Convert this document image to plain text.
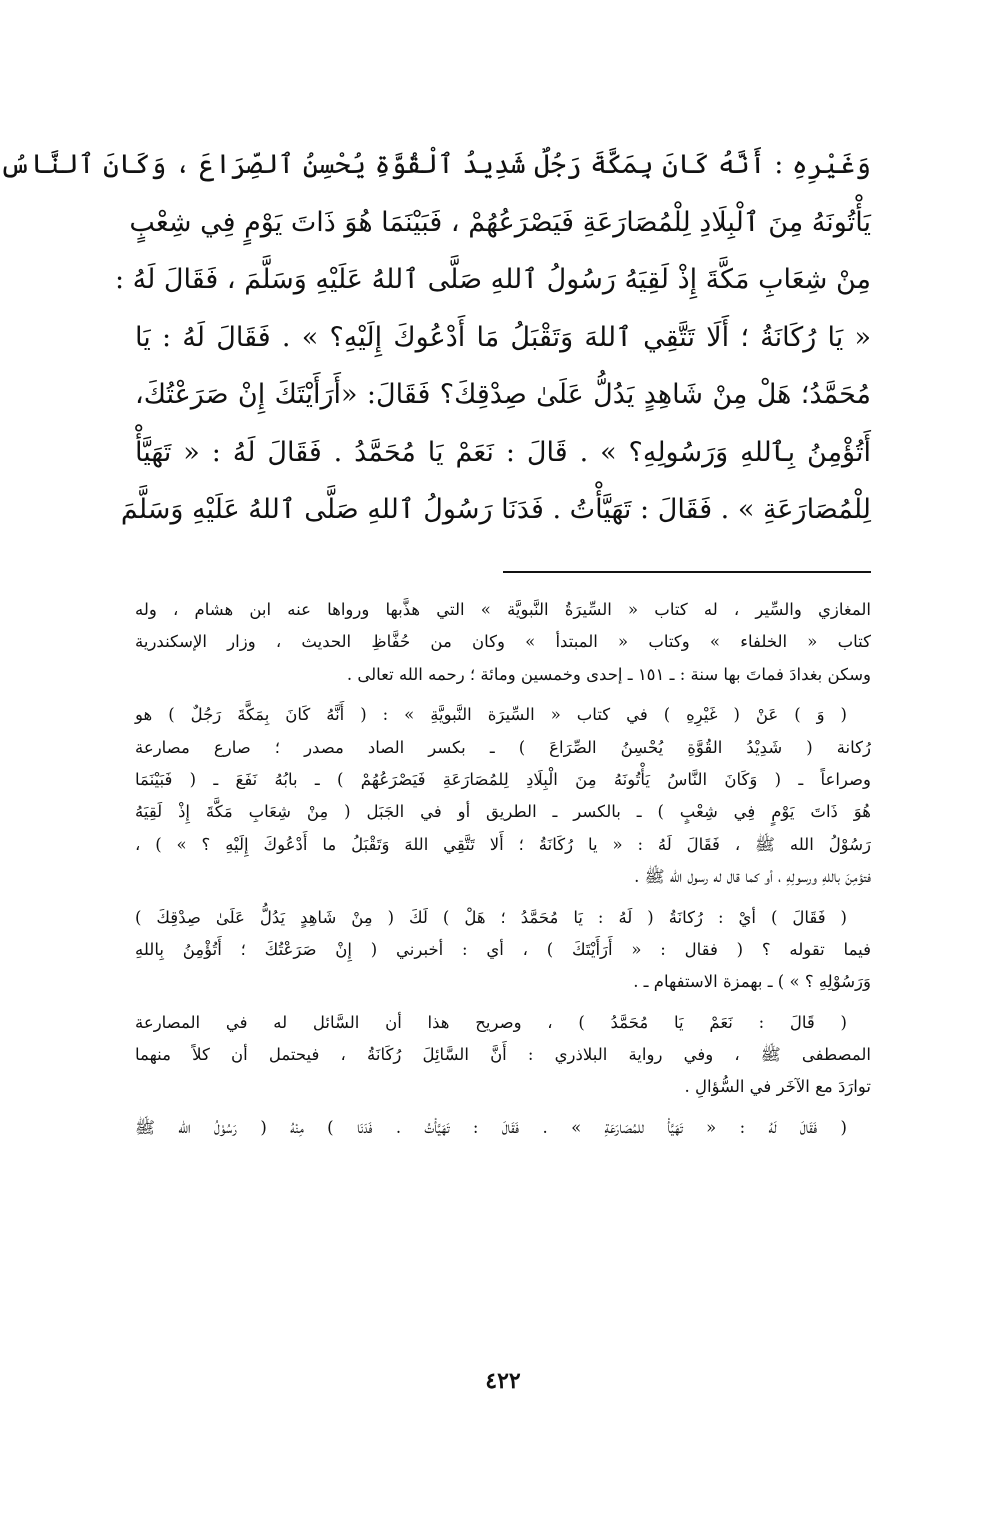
وَغَيْرِهِ : أَنَّهُ كَانَ بِمَكَّةَ رَجُلٌ شَدِيدُ ٱلْقُوَّةِ يُحْسِنُ ٱلصِّرَاعَ ، وَكَانَ ٱلنَّاسُ
يَأْتُونَهُ مِنَ ٱلْبِلَادِ لِلْمُصَارَعَةِ فَيَصْرَعُهُمْ ، فَبَيْنَمَا هُوَ ذَاتَ يَوْمٍ فِي شِعْبٍ
مِنْ شِعَابِ مَكَّةَ إِذْ لَقِيَهُ رَسُولُ ٱللهِ صَلَّى ٱللهُ عَلَيْهِ وَسَلَّمَ ، فَقَالَ لَهُ :
« يَا رُكَانَةُ ؛ أَلَا تَتَّقِي ٱللهَ وَتَقْبَلُ مَا أَدْعُوكَ إِلَيْهِ؟ » . فَقَالَ لَهُ : يَا
مُحَمَّدُ؛ هَلْ مِنْ شَاهِدٍ يَدُلُّ عَلَىٰ صِدْقِكَ؟ فَقَالَ: «أَرَأَيْتَكَ إِنْ صَرَعْتُكَ،
أَتُؤْمِنُ بِٱللهِ وَرَسُولِهِ؟ » . قَالَ : نَعَمْ يَا مُحَمَّدُ . فَقَالَ لَهُ : « تَهَيَّأْ
لِلْمُصَارَعَةِ » . فَقَالَ : تَهَيَّأْتُ . فَدَنَا رَسُولُ ٱللهِ صَلَّى ٱللهُ عَلَيْهِ وَسَلَّمَ
المغازي والسِّير ، له كتاب « السِّيرَةُ النَّبويَّة » التي هذَّبها ورواها عنه ابن هشام ، وله
كتاب « الخلفاء » وكتاب « المبتدأ » وكان من حُفَّاظِ الحديث ، وزار الإسكندرية
وسكن بغدادَ فماتَ بها سنة : ـ ١٥١ ـ إحدى وخمسين ومائة ؛ رحمه الله تعالى .
( وَ ) عَنْ ( غَيْرِهِ ) في كتاب « السِّيرَة النَّبويَّةِ » : ( أَنَّهُ كَانَ بِمَكَّةَ رَجُلٌ ) هو
رُكانة ( شَدِيْدُ القُوَّةِ يُحْسِنُ الصِّرَاعَ ) ـ بكسر الصاد مصدر ؛ صارع مصارعة
وصراعاً ـ ( وَكَانَ النَّاسُ يَأْتُونَهُ مِنَ الْبِلَادِ لِلمُصَارَعَةِ فَيَصْرَعُهُمْ ) ـ بابُهُ نَفَعَ ـ ( فَبَيْنَمَا
هُوَ ذَاتَ يَوْمٍ فِي شِعْبٍ ) ـ بالكسر ـ الطريق أو في الجَبَل ( مِنْ شِعَابِ مَكَّةَ إِذْ لَقِيَهُ
رَسُوْلُ الله ﷺ ، فَقَالَ لَهُ : « يا رُكَانَةُ ؛ أَلا تَتَّقِي اللهَ وَتَقْبَلُ ما أَدْعُوكَ إِلَيْهِ ؟ » ) ،
فتؤمِنَ باللهِ ورسولِهِ ، أو كما قال له رسول الله ﷺ .
( فَقَالَ ) أيْ : رُكانَةُ ( لَهُ : يَا مُحَمَّدُ ؛ هَلْ ) لَكَ ( مِنْ شَاهِدٍ يَدُلُّ عَلَىٰ صِدْقِكَ )
فيما تقوله ؟ ( فقال : « أَرَأَيْتَكَ ) ، أي : أخبرني ( إِنْ صَرَعْتُكَ ؛ أَتُؤْمِنُ بِاللهِ
وَرَسُوْلِهِ ؟ » ) ـ بهمزة الاستفهام ـ .
( قَالَ : نَعَمْ يَا مُحَمَّدُ ) ، وصريح هذا أن السَّائل له في المصارعة
المصطفى ﷺ ، وفي رواية البلاذري : أَنَّ السَّائِلَ رُكَانَةُ ، فيحتمل أن كلاً منهما
توارَدَ مع الآخَر في السُّؤالِ .
( فَقَالَ لَهُ : « تَهَيَّأْ للمُصَارَعَةِ » . فَقَالَ : تَهَيَّأْتُ . فَدَنَا ) مِنْهُ ( رَسُوْلُ الله ﷺ
٤٢٢
